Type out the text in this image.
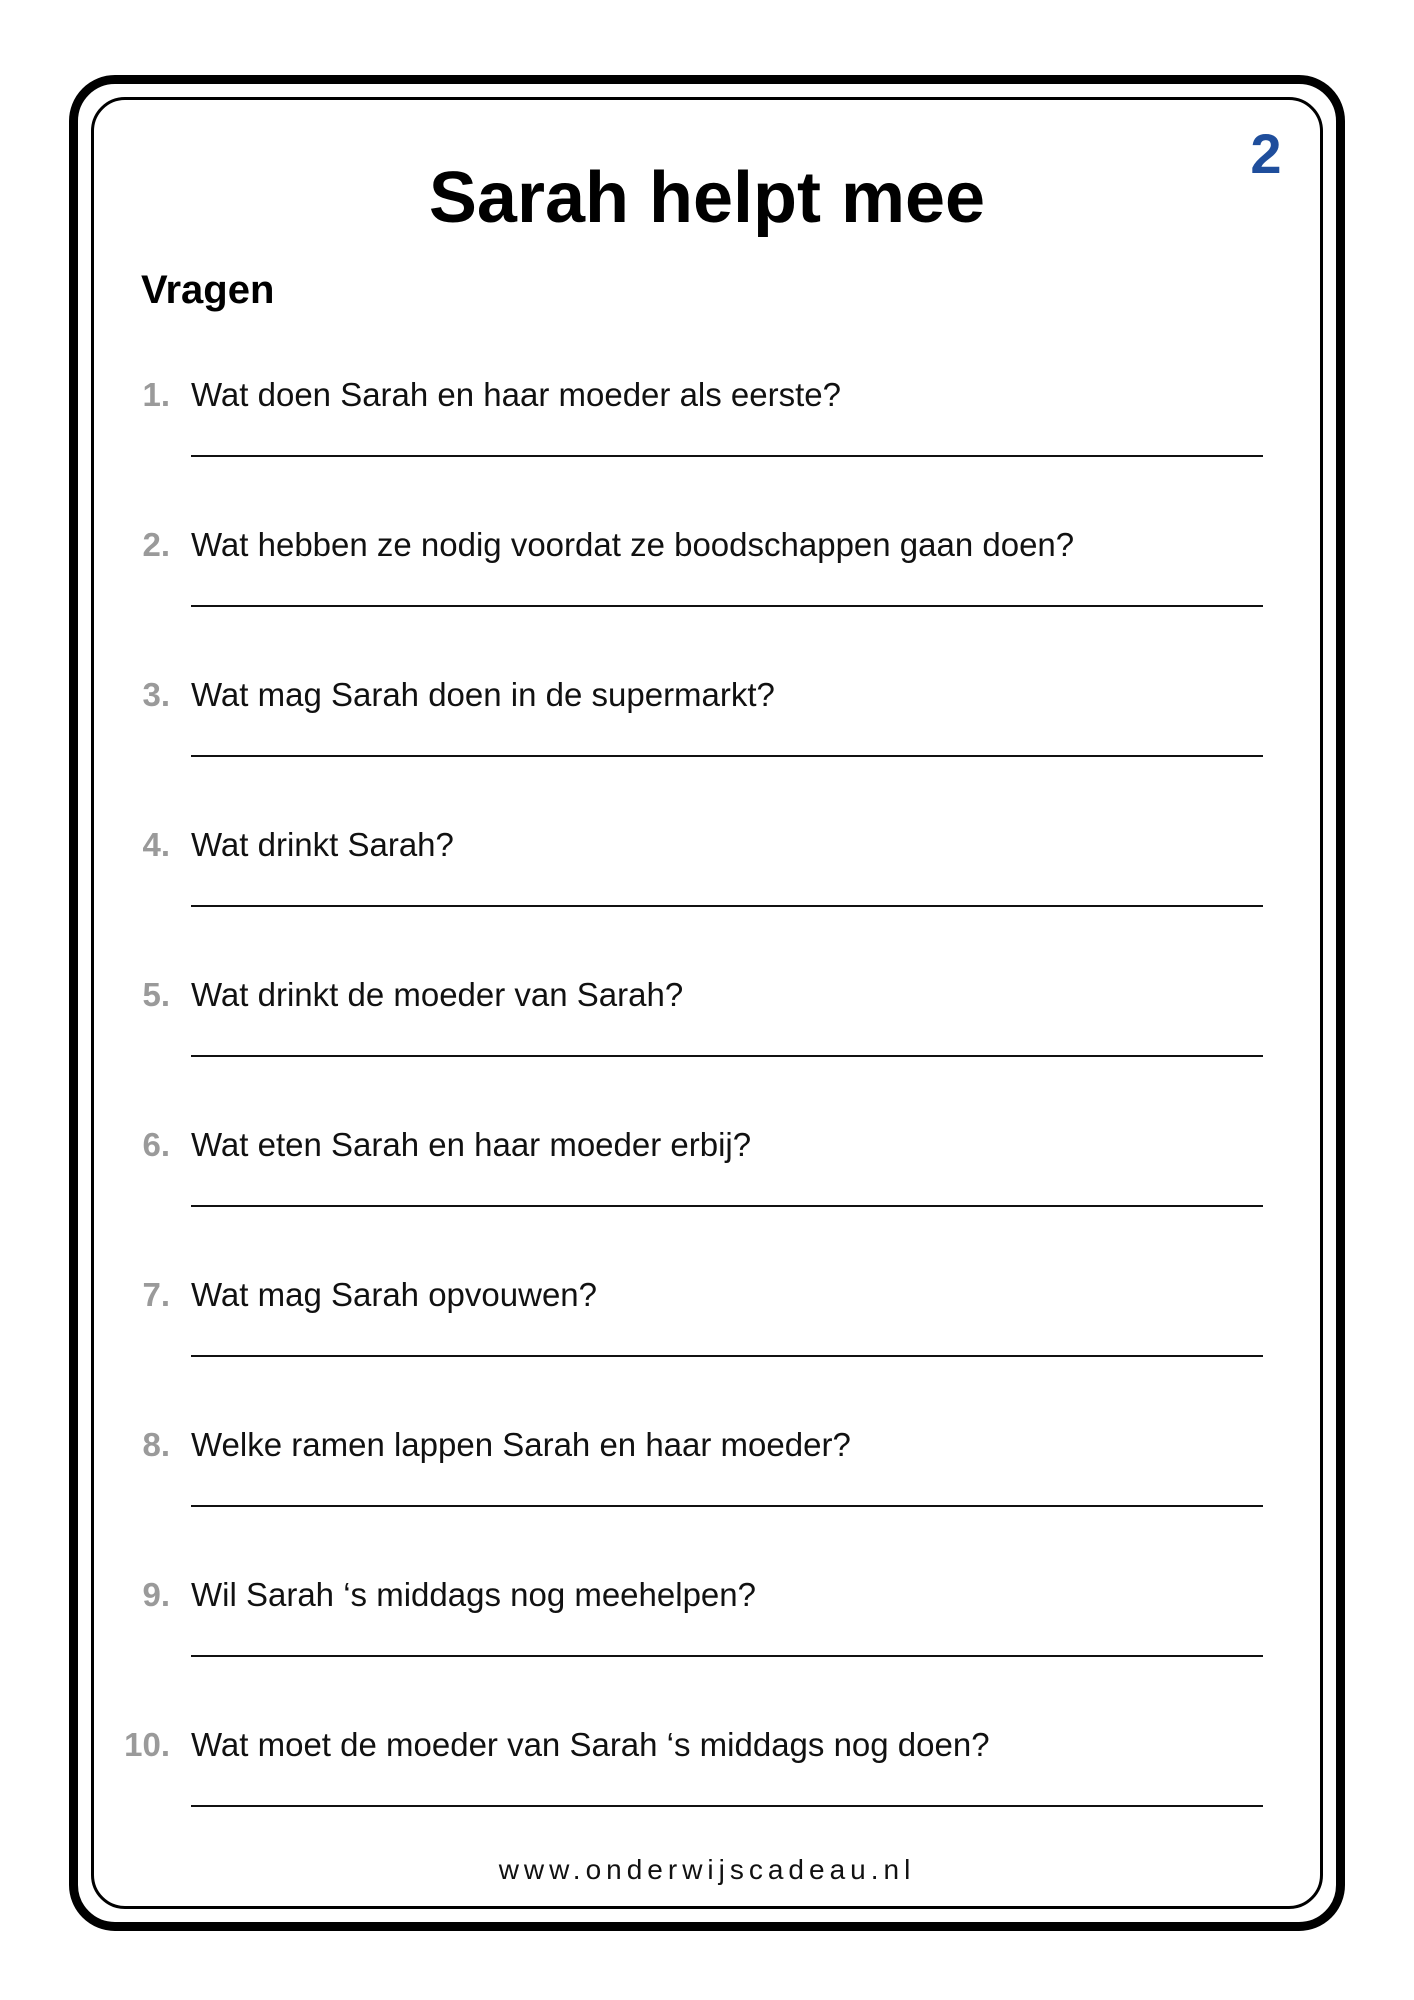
2
Sarah helpt mee
Vragen
1. Wat doen Sarah en haar moeder als eerste?
2. Wat hebben ze nodig voordat ze boodschappen gaan doen?
3. Wat mag Sarah doen in de supermarkt?
4. Wat drinkt Sarah?
5. Wat drinkt de moeder van Sarah?
6. Wat eten Sarah en haar moeder erbij?
7. Wat mag Sarah opvouwen?
8. Welke ramen lappen Sarah en haar moeder?
9. Wil Sarah ‘s middags nog meehelpen?
10. Wat moet de moeder van Sarah ‘s middags nog doen?
www.onderwijscadeau.nl
